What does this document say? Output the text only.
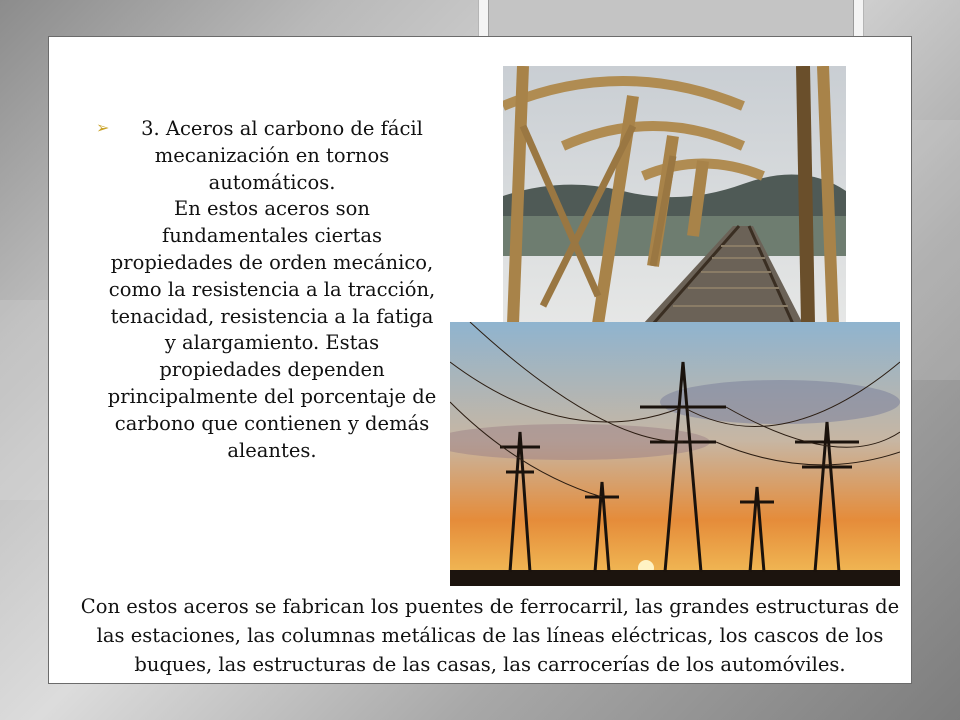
➢	3. Aceros al carbono de fácil
mecanización en tornos
automáticos.
En estos aceros son
fundamentales ciertas
propiedades de orden mecánico,
como la resistencia a la tracción,
tenacidad, resistencia a la fatiga
y alargamiento. Estas
propiedades dependen
principalmente del porcentaje de
carbono que contienen y demás
aleantes.
Con estos aceros se fabrican los puentes de ferrocarril, las grandes estructuras de
las estaciones, las columnas metálicas de las líneas eléctricas, los cascos de los
buques, las estructuras de las casas, las carrocerías de los automóviles.
